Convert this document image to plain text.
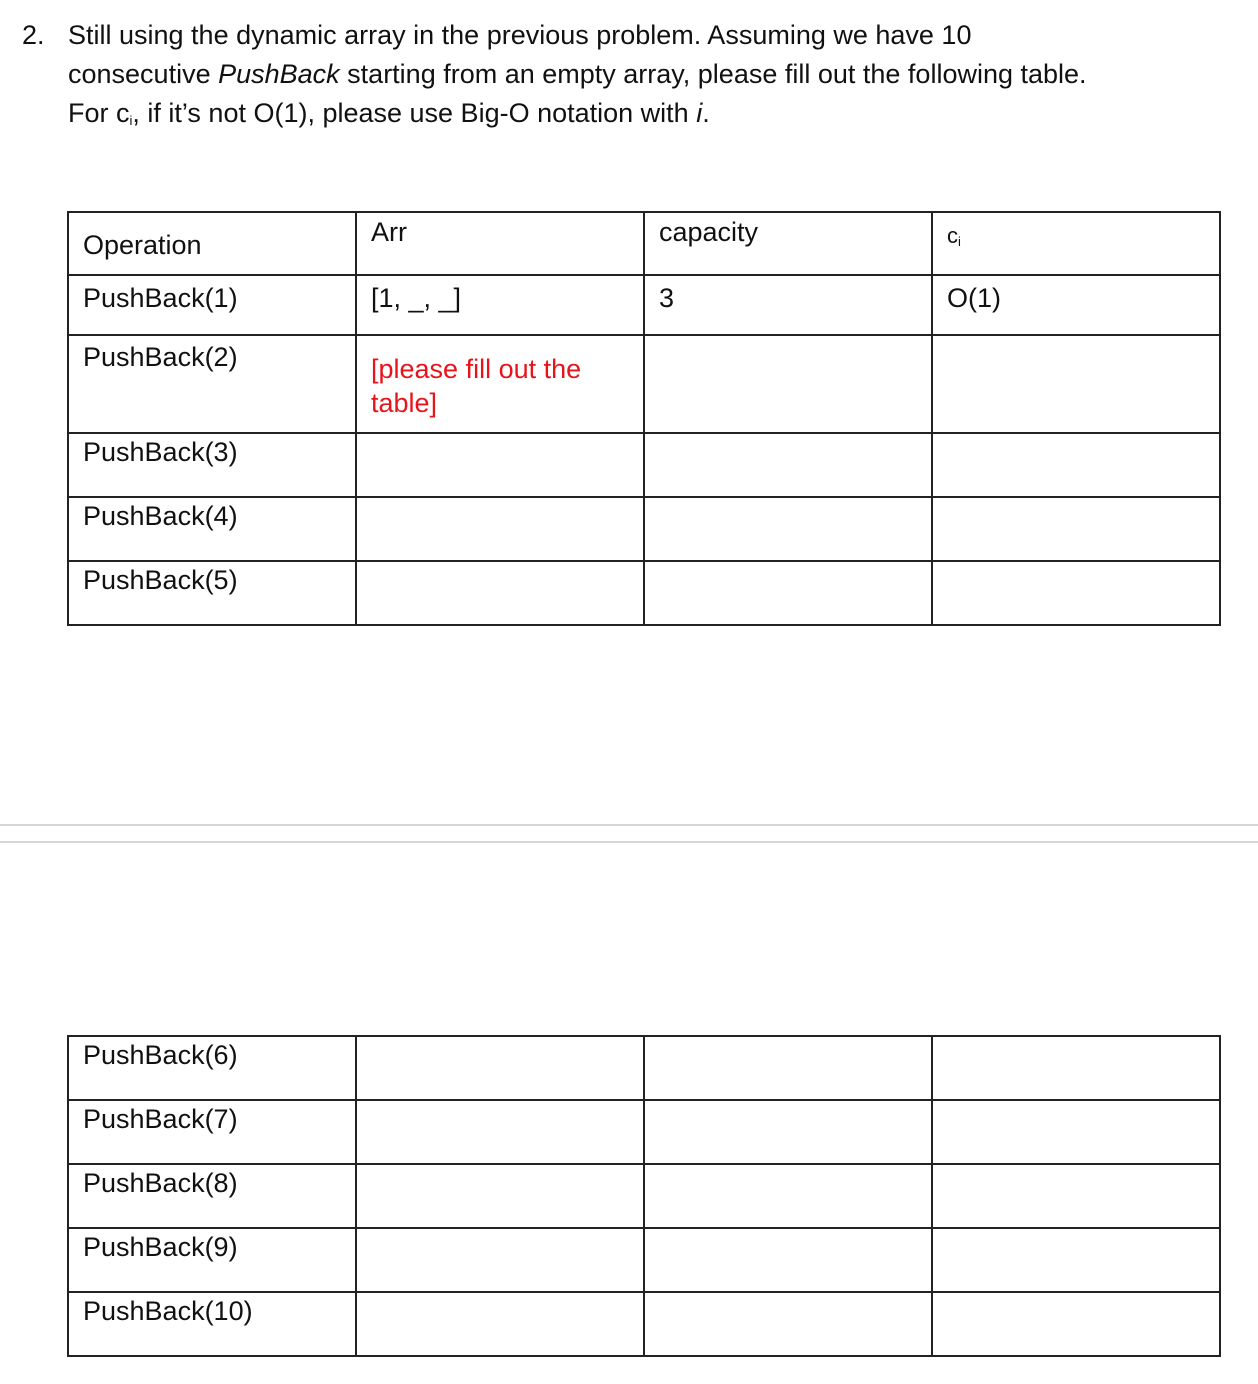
2. Still using the dynamic array in the previous problem. Assuming we have 10
consecutive PushBack starting from an empty array, please fill out the following table.
For $c_i$, if it’s not O(1), please use Big-O notation with i.
Operation	Arr	capacity	$c_i$
PushBack(1)	[1, _, _]	3	O(1)
PushBack(2)	[please fill out the table]		

PushBack(3)			
PushBack(4)			
PushBack(5)			
PushBack(6)			
PushBack(7)			
PushBack(8)			
PushBack(9)			
PushBack(10)			
